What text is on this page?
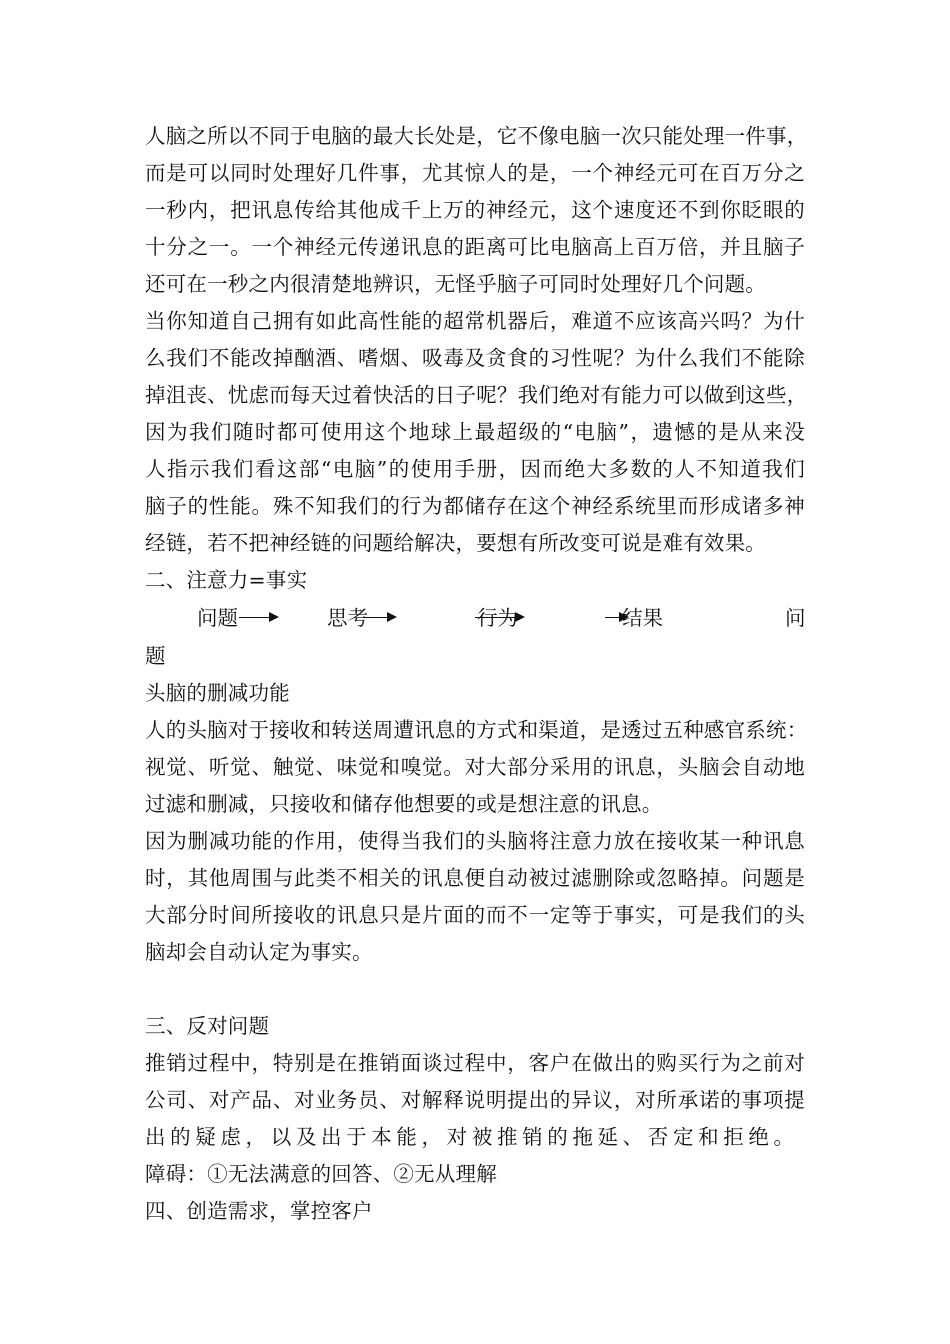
人脑之所以不同于电脑的最大长处是，它不像电脑一次只能处理一件事，
而是可以同时处理好几件事，尤其惊人的是，一个神经元可在百万分之
一秒内，把讯息传给其他成千上万的神经元，这个速度还不到你眨眼的
十分之一。一个神经元传递讯息的距离可比电脑高上百万倍，并且脑子
还可在一秒之内很清楚地辨识，无怪乎脑子可同时处理好几个问题。
当你知道自己拥有如此高性能的超常机器后，难道不应该高兴吗？为什
么我们不能改掉酗酒、嗜烟、吸毒及贪食的习性呢？为什么我们不能除
掉沮丧、忧虑而每天过着快活的日子呢？我们绝对有能力可以做到这些，
因为我们随时都可使用这个地球上最超级的“电脑”，遗憾的是从来没
人指示我们看这部“电脑”的使用手册，因而绝大多数的人不知道我们
脑子的性能。殊不知我们的行为都储存在这个神经系统里而形成诸多神
经链，若不把神经链的问题给解决，要想有所改变可说是难有效果。
二、注意力=事实
问题	思考	行为	结果	问
题
头脑的删减功能
人的头脑对于接收和转送周遭讯息的方式和渠道，是透过五种感官系统：
视觉、听觉、触觉、味觉和嗅觉。对大部分采用的讯息，头脑会自动地
过滤和删减，只接收和储存他想要的或是想注意的讯息。
因为删减功能的作用，使得当我们的头脑将注意力放在接收某一种讯息
时，其他周围与此类不相关的讯息便自动被过滤删除或忽略掉。问题是
大部分时间所接收的讯息只是片面的而不一定等于事实，可是我们的头
脑却会自动认定为事实。
三、反对问题
推销过程中，特别是在推销面谈过程中，客户在做出的购买行为之前对
公司、对产品、对业务员、对解释说明提出的异议，对所承诺的事项提
出的疑虑，以及出于本能，对被推销的拖延、否定和拒绝。
障碍：①无法满意的回答、②无从理解
四、创造需求，掌控客户
